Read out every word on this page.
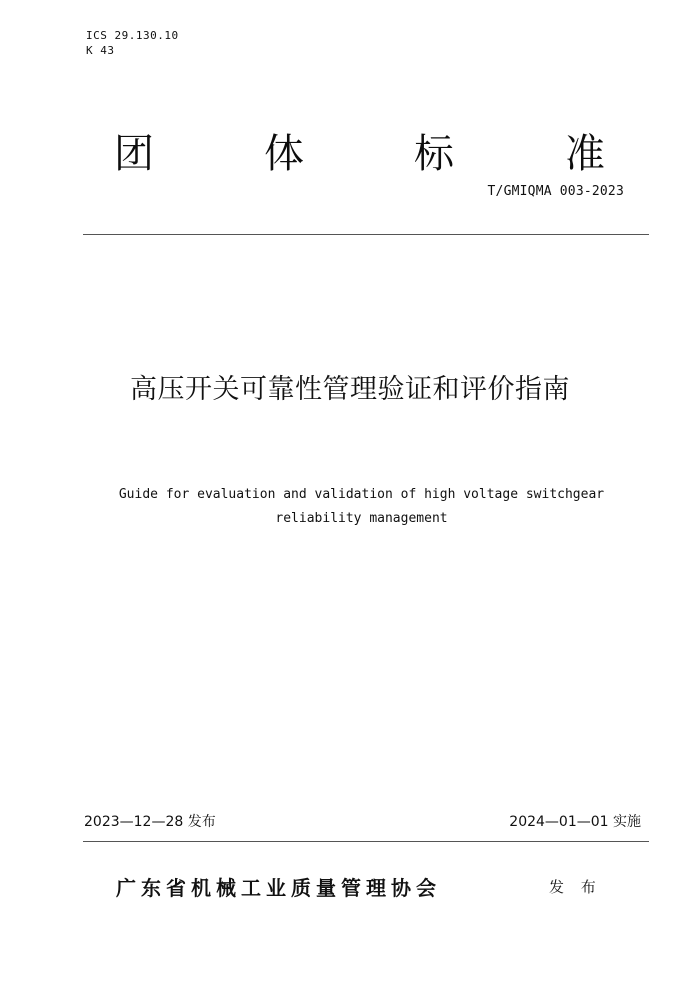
ICS 29.130.10
K 43
团	体	标	准
T/GMIQMA 003-2023
高压开关可靠性管理验证和评价指南
Guide for evaluation and validation of high voltage switchgear
reliability management
2023—12—28 发布	2024—01—01 实施
广东省机械工业质量管理协会	发 布
